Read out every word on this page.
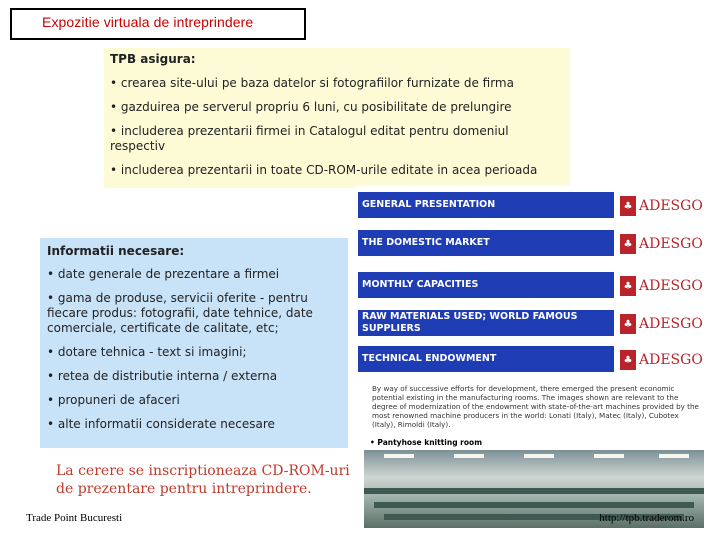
Expozitie virtuala de intreprindere
TPB asigura:
• crearea site-ului pe baza datelor si fotografiilor furnizate de firma
• gazduirea pe serverul propriu 6 luni, cu posibilitate de prelungire
• includerea prezentarii firmei in Catalogul editat pentru domeniul respectiv
• includerea prezentarii in toate CD-ROM-urile editate in acea perioada
Informatii necesare:
• date generale de prezentare a firmei
• gama de produse, servicii oferite - pentru fiecare produs: fotografii, date tehnice, date comerciale, certificate de calitate, etc;
• dotare tehnica - text si imagini;
• retea de distributie interna / externa
• propuneri de afaceri
• alte informatii considerate necesare
La cerere se inscriptioneaza CD-ROM-uri de prezentare pentru intreprindere.
GENERAL PRESENTATION	♣ ADESGO
THE DOMESTIC MARKET	♣ ADESGO
MONTHLY CAPACITIES	♣ ADESGO
RAW MATERIALS USED; WORLD FAMOUS SUPPLIERS	♣ ADESGO
TECHNICAL ENDOWMENT	♣ ADESGO
By way of successive efforts for development, there emerged the present economic potential existing in the manufacturing rooms. The images shown are relevant to the degree of modernization of the endowment with state-of-the-art machines provided by the most renowned machine producers in the world: Lonati (Italy), Matec (Italy), Cubotex (Italy), Rimoldi (Italy).
• Pantyhose knitting room
Trade Point Bucuresti	http://tpb.traderom.ro
